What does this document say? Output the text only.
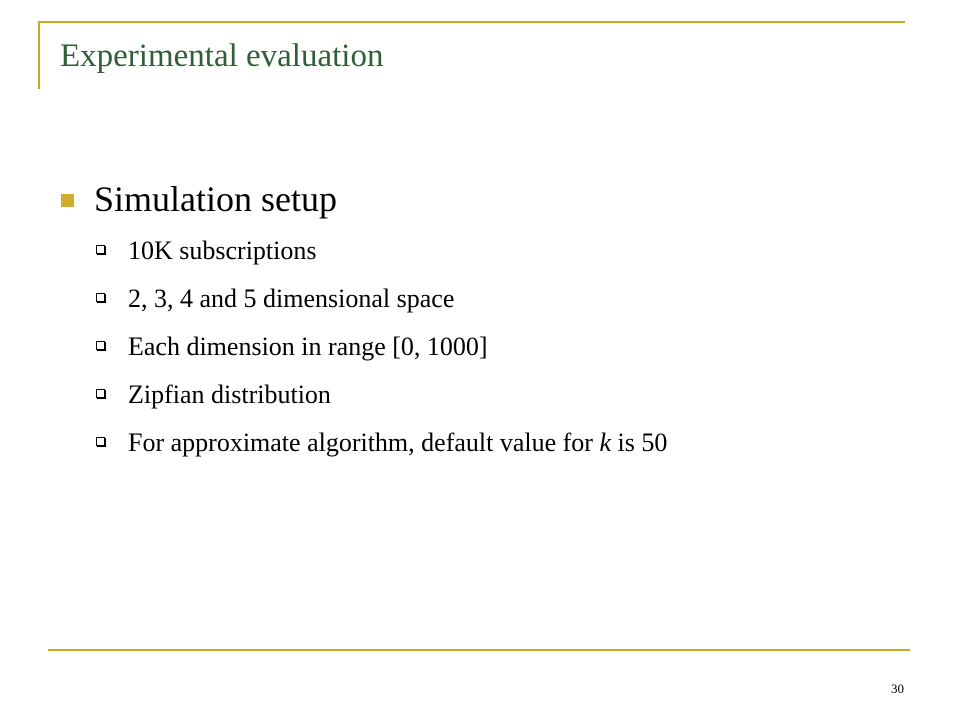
Experimental evaluation
Simulation setup
10K subscriptions
2, 3, 4 and 5 dimensional space
Each dimension in range [0, 1000]
Zipfian distribution
For approximate algorithm, default value for k is 50
30
